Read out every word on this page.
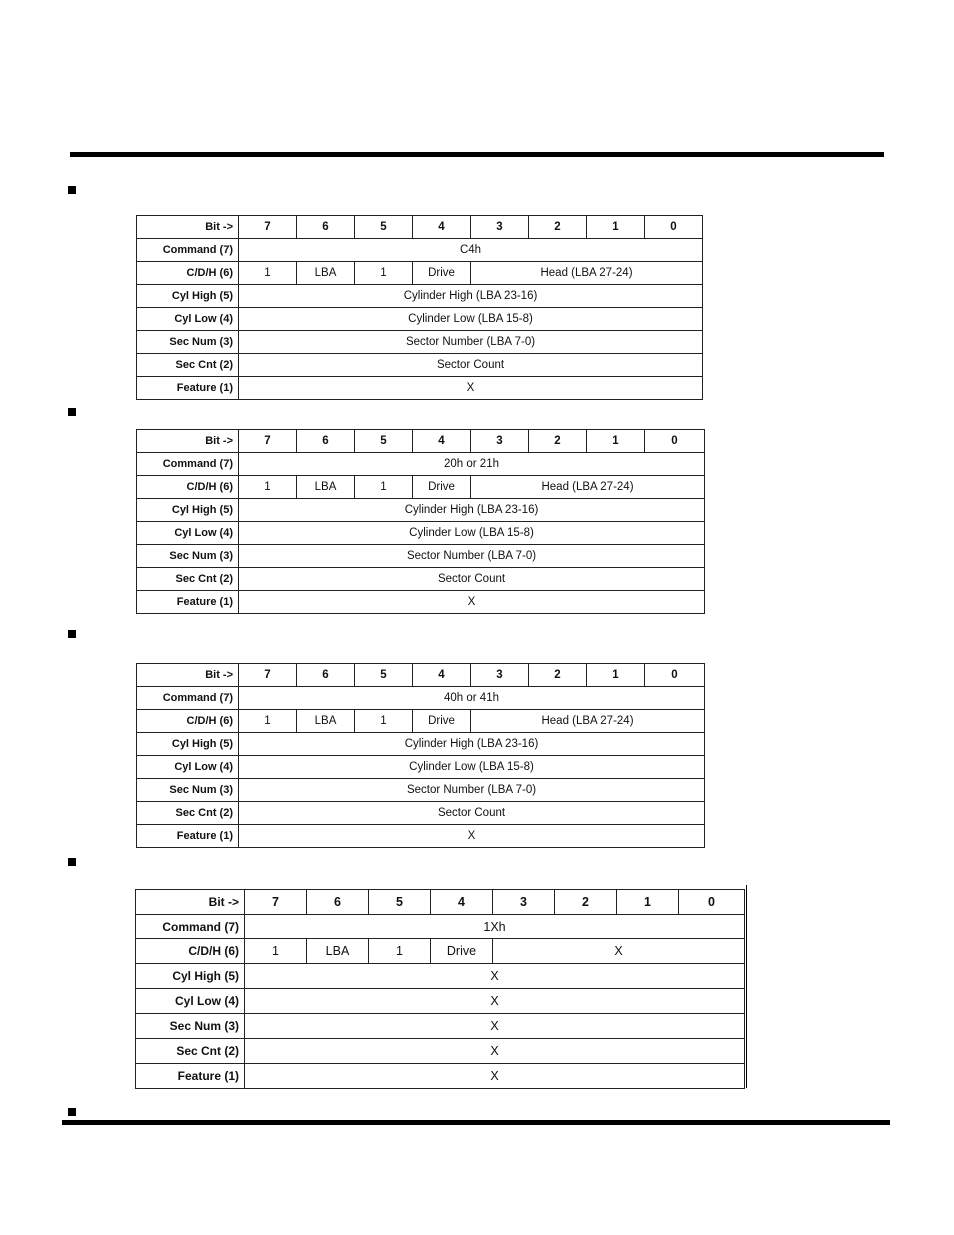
Bit ->	7	6	5	4	3	2	1	0
Command (7)	C4h							
C/D/H (6)	1	LBA	1	Drive	Head (LBA 27-24)			
Cyl High (5)	Cylinder High (LBA 23-16)							
Cyl Low (4)	Cylinder Low (LBA 15-8)							
Sec Num (3)	Sector Number (LBA 7-0)							
Sec Cnt (2)	Sector Count							
Feature (1)	X							
Bit ->	7	6	5	4	3	2	1	0
Command (7)	20h or 21h							
C/D/H (6)	1	LBA	1	Drive	Head (LBA 27-24)			
Cyl High (5)	Cylinder High (LBA 23-16)							
Cyl Low (4)	Cylinder Low (LBA 15-8)							
Sec Num (3)	Sector Number (LBA 7-0)							
Sec Cnt (2)	Sector Count							
Feature (1)	X							
Bit ->	7	6	5	4	3	2	1	0
Command (7)	40h or 41h							
C/D/H (6)	1	LBA	1	Drive	Head (LBA 27-24)			
Cyl High (5)	Cylinder High (LBA 23-16)							
Cyl Low (4)	Cylinder Low (LBA 15-8)							
Sec Num (3)	Sector Number (LBA 7-0)							
Sec Cnt (2)	Sector Count							
Feature (1)	X							
Bit ->	7	6	5	4	3	2	1	0
Command (7)	1Xh							
C/D/H (6)	1	LBA	1	Drive	X			
Cyl High (5)	X							
Cyl Low (4)	X							
Sec Num (3)	X							
Sec Cnt (2)	X							
Feature (1)	X							
